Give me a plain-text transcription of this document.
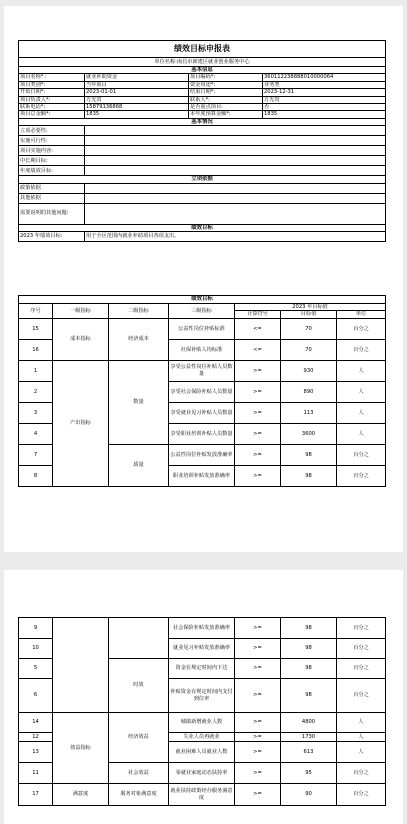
绩效目标申报表			
单位名称:南昌市新建区就业创业服务中心			
基本信息			
项目名称* :	就业补助资金	项目编码*:	360112238888010000064
项目类别*:	当年项目	资金用途*:	业务类
开始日期*:	2023-01-01	结束日期*:	2023-12-31
项目负责人*:	万先贵	联系人*:	万先贵
联系电话*:	15879136868	是否重点项目:	否
项目总金额*:	1835	本年度预算金额*:	1835
基本情况			
立项必要性:			
实施可行性:			
项目实施内容:			
中长期目标:			
年度绩效目标:			
立项依据			
政策依据			
其他依据			
需要说明的其他问题:			
绩效目标			
2023 年绩效目标:	用于全区范围内就业补助项目各项支出。		
绩效目标						
序号	一级指标	二级指标	三级指标	2023 年目标值		
				计算符号	目标值	单位
15	成本指标	经济成本	公益性岗位补贴标准	<=	70	百分之
16			社保补贴人均标准	<=	70	百分之
1	产出指标	数量	享受公益性岗位补贴人员数量	>=	930	人
2			享受社会保险补贴人员数量	>=	890	人
3			享受就业见习补贴人员数量	>=	113	人
4			享受职业培训补贴人员数量	>=	3600	人
7		质量	公益性岗位补贴发放准确率	>=	98	百分之
8			职业培训补贴发放准确率	>=	98	百分之
9			社会保险补贴发放准确率	>=	98	百分之
10			就业见习补贴发放准确率	>=	98	百分之
5		时效	资金在规定时间内下达	>=	98	百分之
6			补贴资金在规定时间内支付到位率	>=	98	百分之
14	效益指标	经济效益	城镇新增就业人数	>=	4800	人
12			失业人员再就业	>=	1730	人
13			就业困难人员就业人数	>=	613	人
11		社会效益	零就业家庭动态扶持率	>=	95	百分之
17	满意度	服务对象满意度	就业扶持政策经办服务满意度	>=	90	百分之
